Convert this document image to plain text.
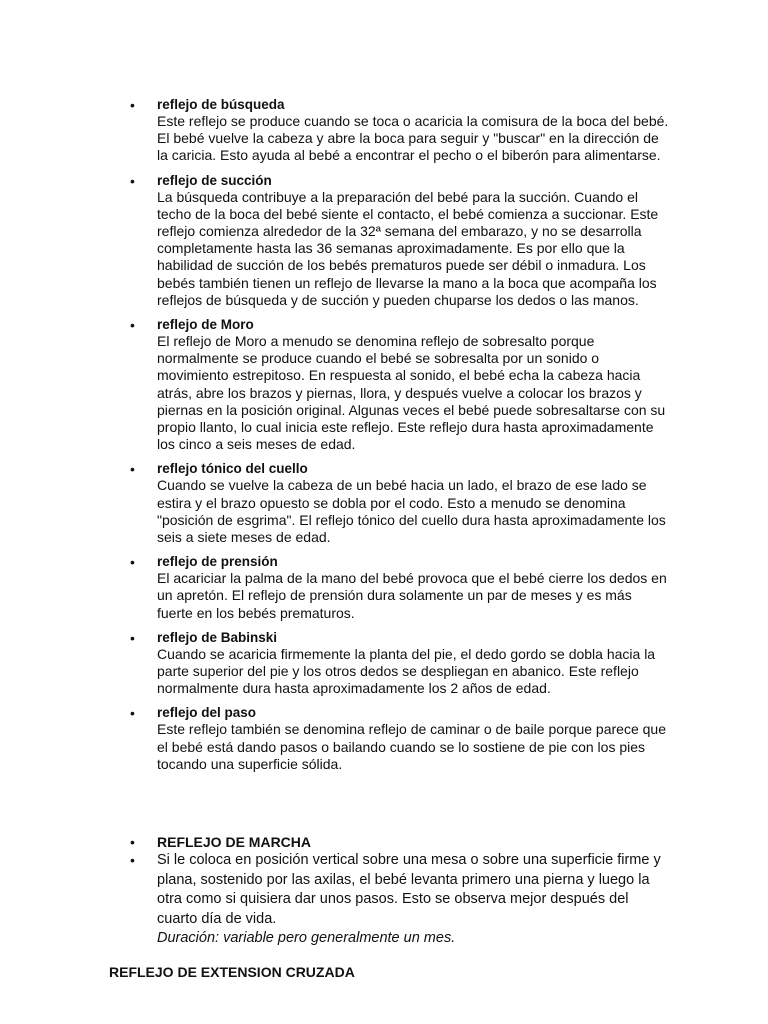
• reflejo de búsqueda
Este reflejo se produce cuando se toca o acaricia la comisura de la boca del bebé. El bebé vuelve la cabeza y abre la boca para seguir y "buscar" en la dirección de la caricia. Esto ayuda al bebé a encontrar el pecho o el biberón para alimentarse.
• reflejo de succión
La búsqueda contribuye a la preparación del bebé para la succión. Cuando el techo de la boca del bebé siente el contacto, el bebé comienza a succionar. Este reflejo comienza alrededor de la 32ª semana del embarazo, y no se desarrolla completamente hasta las 36 semanas aproximadamente. Es por ello que la habilidad de succión de los bebés prematuros puede ser débil o inmadura. Los bebés también tienen un reflejo de llevarse la mano a la boca que acompaña los reflejos de búsqueda y de succión y pueden chuparse los dedos o las manos.
• reflejo de Moro
El reflejo de Moro a menudo se denomina reflejo de sobresalto porque normalmente se produce cuando el bebé se sobresalta por un sonido o movimiento estrepitoso. En respuesta al sonido, el bebé echa la cabeza hacia atrás, abre los brazos y piernas, llora, y después vuelve a colocar los brazos y piernas en la posición original. Algunas veces el bebé puede sobresaltarse con su propio llanto, lo cual inicia este reflejo. Este reflejo dura hasta aproximadamente los cinco a seis meses de edad.
• reflejo tónico del cuello
Cuando se vuelve la cabeza de un bebé hacia un lado, el brazo de ese lado se estira y el brazo opuesto se dobla por el codo. Esto a menudo se denomina "posición de esgrima". El reflejo tónico del cuello dura hasta aproximadamente los seis a siete meses de edad.
• reflejo de prensión
El acariciar la palma de la mano del bebé provoca que el bebé cierre los dedos en un apretón. El reflejo de prensión dura solamente un par de meses y es más fuerte en los bebés prematuros.
• reflejo de Babinski
Cuando se acaricia firmemente la planta del pie, el dedo gordo se dobla hacia la parte superior del pie y los otros dedos se despliegan en abanico. Este reflejo normalmente dura hasta aproximadamente los 2 años de edad.
• reflejo del paso
Este reflejo también se denomina reflejo de caminar o de baile porque parece que el bebé está dando pasos o bailando cuando se lo sostiene de pie con los pies tocando una superficie sólida.
• REFLEJO DE MARCHA
• Si le coloca en posición vertical sobre una mesa o sobre una superficie firme y plana, sostenido por las axilas, el bebé levanta primero una pierna y luego la otra como si quisiera dar unos pasos. Esto se observa mejor después del cuarto día de vida.
Duración: variable pero generalmente un mes.
REFLEJO DE EXTENSION CRUZADA
